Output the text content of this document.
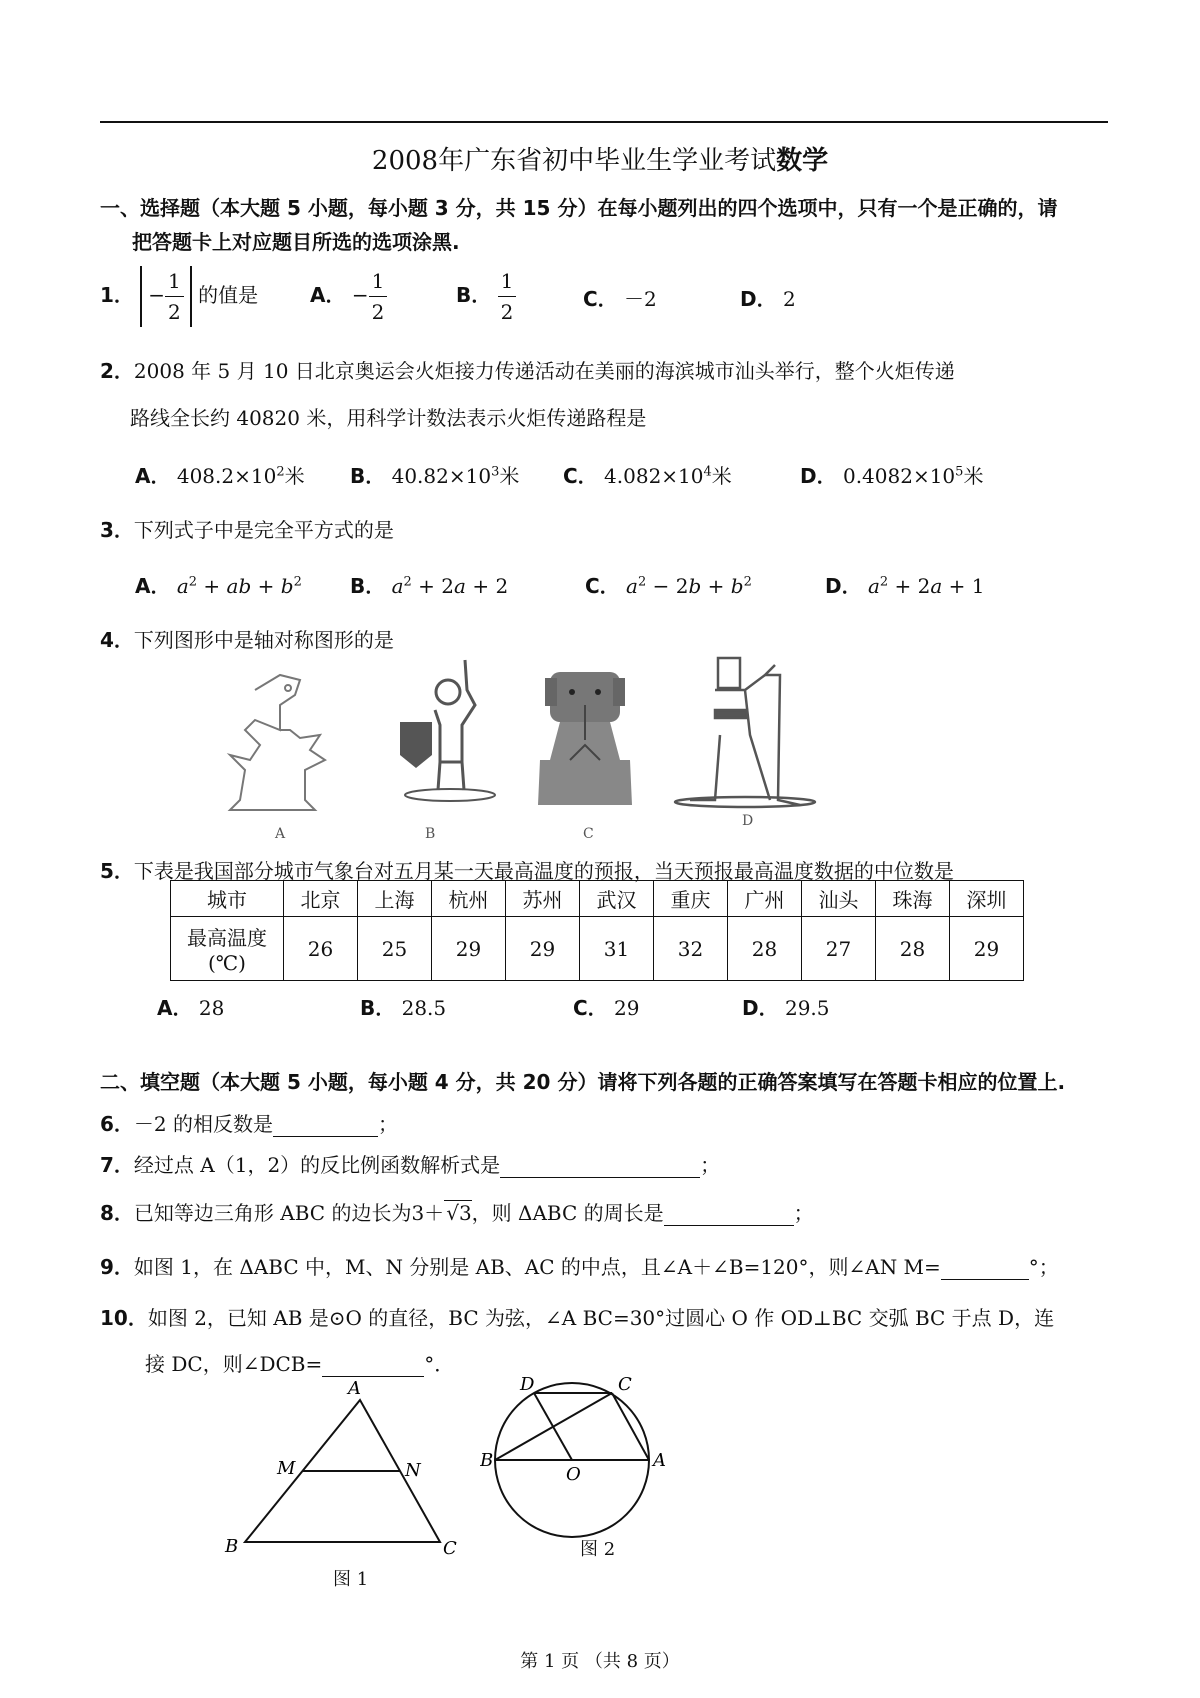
2008年广东省初中毕业生学业考试数学
一、选择题（本大题 5 小题，每小题 3 分，共 15 分）在每小题列出的四个选项中，只有一个是正确的，请
把答题卡上对应题目所选的选项涂黑.
1． − $\frac{1}{2}$ 的值是	A． − $\frac{1}{2}$	B． $\frac{1}{2}$	C． －2	D． 2
2．2008 年 5 月 10 日北京奥运会火炬接力传递活动在美丽的海滨城市汕头举行，整个火炬传递
路线全长约 40820 米，用科学计数法表示火炬传递路程是
A． $408.2\times 10^2$米 B． $40.82\times 10^3$米 C． $4.082\times 10^4$米	D． $0.4082\times 10^5$米
3．下列式子中是完全平方式的是
A． $a^2$ + ab + $b^2$ B． $a^2 + 2a + 2$	C． $a^2 - 2b + b^2$	D． $a^2 + 2a + 1$
4．下列图形中是轴对称图形的是
A	B	C
D
5．下表是我国部分城市气象台对五月某一天最高温度的预报，当天预报最高温度数据的中位数是
城市	北京	上海	杭州	苏州	武汉	重庆	广州	汕头	珠海	深圳

最高温度
(℃)	26	25	29	29	31	32	28	27	28	29
A． 28	B． 28.5	C． 29	D． 29.5
二、填空题（本大题 5 小题，每小题 4 分，共 20 分）请将下列各题的正确答案填写在答题卡相应的位置上.
6．－2 的相反数是	；
7．经过点 A（1，2）的反比例函数解析式是	；
8．已知等边三角形 ABC 的边长为3＋ √3，则 ΔABC 的周长是	；
9．如图 1，在 ΔABC 中，M、N 分别是 AB、AC 的中点，且∠A＋∠B=120°，则∠AN M=	°；
10．如图 2，已知 AB 是⊙O 的直径，BC 为弦，∠A BC=30°过圆心 O 作 OD⊥BC 交弧 BC 于点 D，连
接 DC，则∠DCB=	°．
A
B	C
M	N
图 1
D	C
B
O
A
图 2
第 1 页 （共 8 页）
